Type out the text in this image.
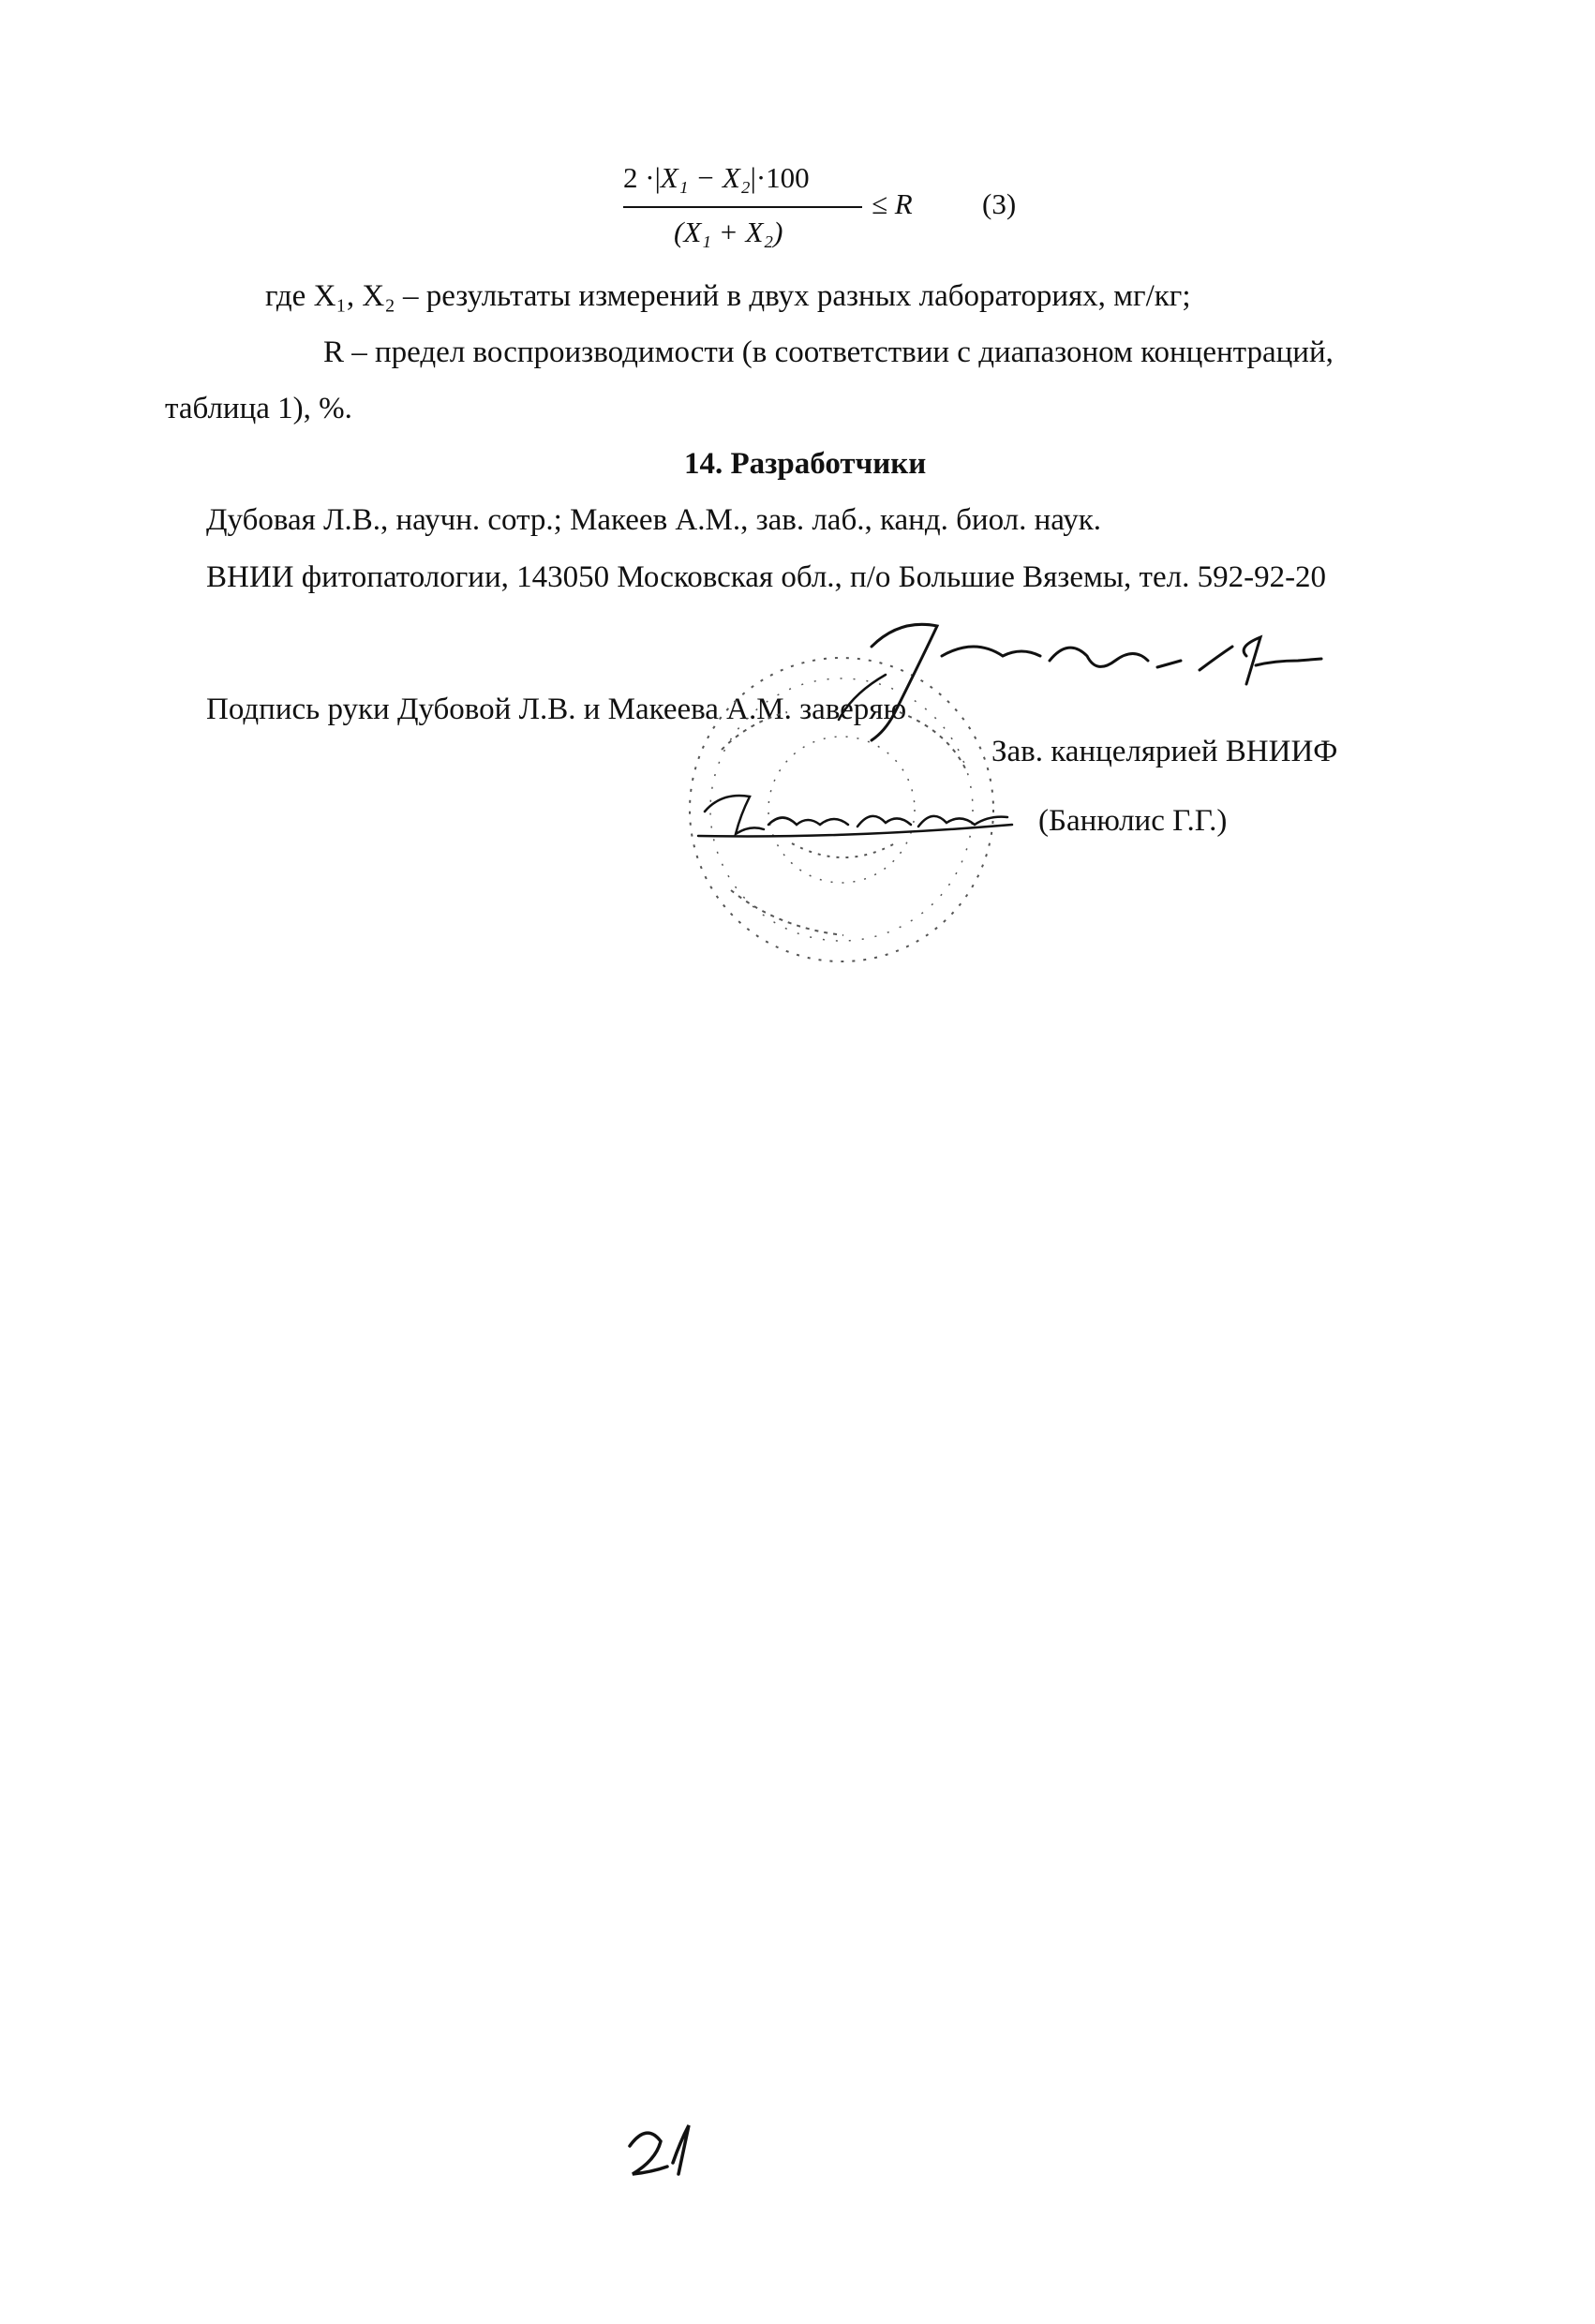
2 ·|X₁ − X₂|·100
(X₁ + X₂)
≤ R (3)
где X₁, X₂ – результаты измерений в двух разных лабораториях, мг/кг;
R – предел воспроизводимости (в соответствии с диапазоном концентраций,
таблица 1), %.
14. Разработчики
Дубовая Л.В., научн. сотр.; Макеев А.М., зав. лаб., канд. биол. наук.
ВНИИ фитопатологии, 143050 Московская обл., п/о Большие Вяземы, тел. 592-92-20
Подпись руки Дубовой Л.В. и Макеева А.М. заверяю
Зав. канцелярией ВНИИФ
(Банюлис Г.Г.)
21
